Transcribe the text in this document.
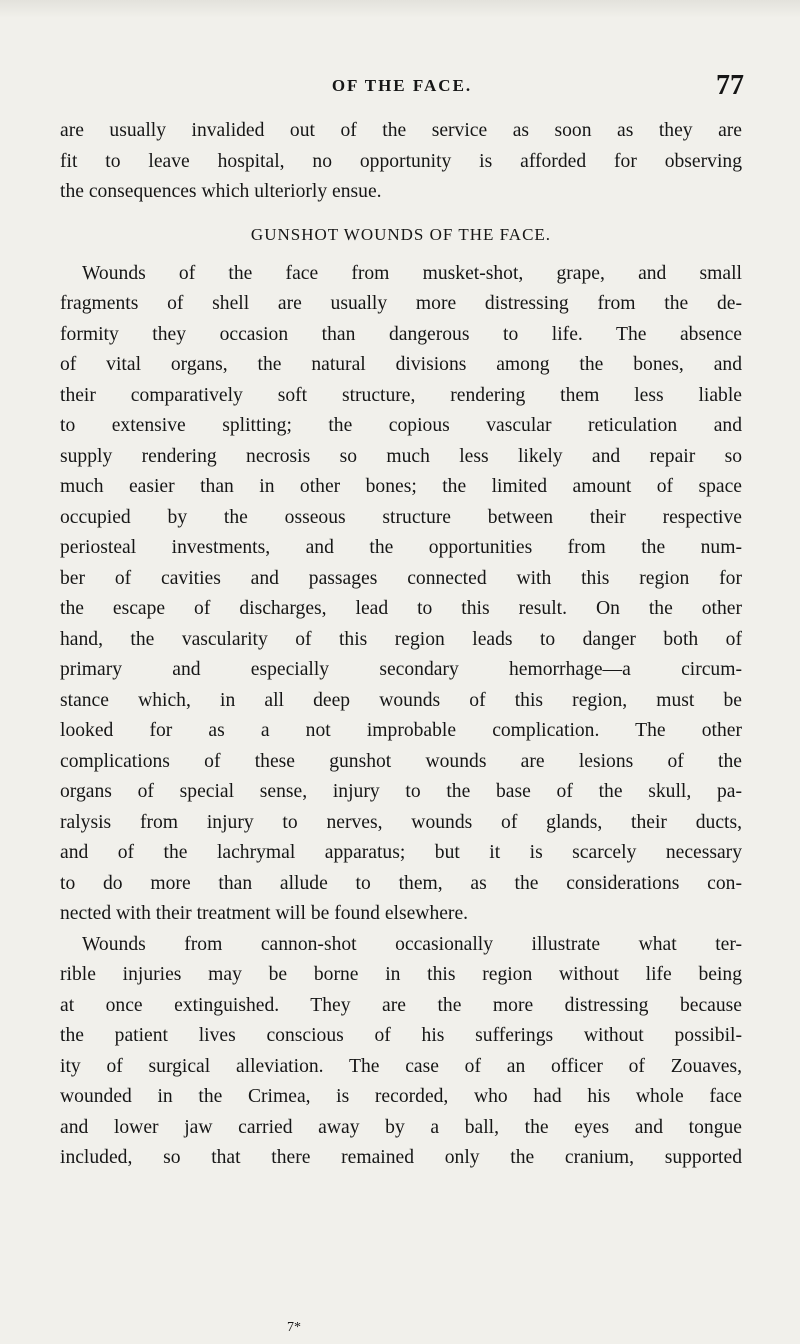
OF THE FACE.	77
are usually invalided out of the service as soon as they are
fit to leave hospital, no opportunity is afforded for observing
the consequences which ulteriorly ensue.
GUNSHOT WOUNDS OF THE FACE.
Wounds of the face from musket-shot, grape, and small
fragments of shell are usually more distressing from the de-
formity they occasion than dangerous to life. The absence
of vital organs, the natural divisions among the bones, and
their comparatively soft structure, rendering them less liable
to extensive splitting; the copious vascular reticulation and
supply rendering necrosis so much less likely and repair so
much easier than in other bones; the limited amount of space
occupied by the osseous structure between their respective
periosteal investments, and the opportunities from the num-
ber of cavities and passages connected with this region for
the escape of discharges, lead to this result. On the other
hand, the vascularity of this region leads to danger both of
primary and especially secondary hemorrhage—a circum-
stance which, in all deep wounds of this region, must be
looked for as a not improbable complication. The other
complications of these gunshot wounds are lesions of the
organs of special sense, injury to the base of the skull, pa-
ralysis from injury to nerves, wounds of glands, their ducts,
and of the lachrymal apparatus; but it is scarcely necessary
to do more than allude to them, as the considerations con-
nected with their treatment will be found elsewhere.
Wounds from cannon-shot occasionally illustrate what ter-
rible injuries may be borne in this region without life being
at once extinguished. They are the more distressing because
the patient lives conscious of his sufferings without possibil-
ity of surgical alleviation. The case of an officer of Zouaves,
wounded in the Crimea, is recorded, who had his whole face
and lower jaw carried away by a ball, the eyes and tongue
included, so that there remained only the cranium, supported
7*
